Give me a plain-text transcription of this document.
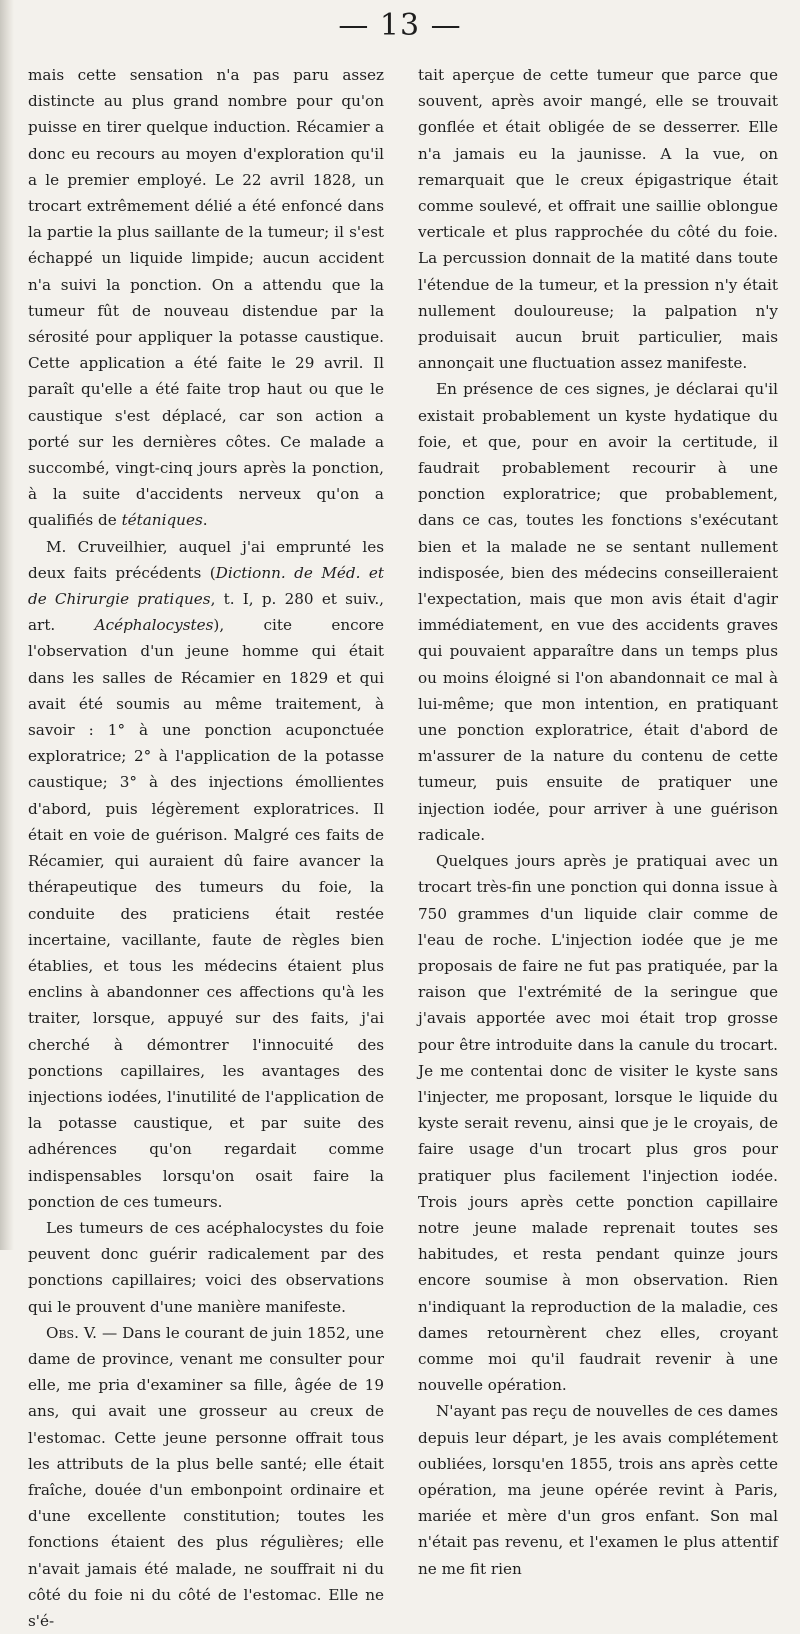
— 13 —

mais cette sensation n'a pas paru assez distincte au plus grand nombre pour qu'on puisse en tirer quelque induction. Récamier a donc eu recours au moyen d'exploration qu'il a le premier employé. Le 22 avril 1828, un trocart extrêmement délié a été enfoncé dans la partie la plus saillante de la tumeur; il s'est échappé un liquide limpide; aucun accident n'a suivi la ponction. On a attendu que la tumeur fût de nouveau distendue par la sérosité pour appliquer la potasse caustique. Cette application a été faite le 29 avril. Il paraît qu'elle a été faite trop haut ou que le caustique s'est déplacé, car son action a porté sur les dernières côtes. Ce malade a succombé, vingt-cinq jours après la ponction, à la suite d'accidents nerveux qu'on a qualifiés de tétaniques.

M. Cruveilhier, auquel j'ai emprunté les deux faits précédents (Dictionn. de Méd. et de Chirurgie pratiques, t. I, p. 280 et suiv., art. Acéphalocystes), cite encore l'observation d'un jeune homme qui était dans les salles de Récamier en 1829 et qui avait été soumis au même traitement, à savoir : 1° à une ponction acuponctuée exploratrice; 2° à l'application de la potasse caustique; 3° à des injections émollientes d'abord, puis légèrement exploratrices. Il était en voie de guérison. Malgré ces faits de Récamier, qui auraient dû faire avancer la thérapeutique des tumeurs du foie, la conduite des praticiens était restée incertaine, vacillante, faute de règles bien établies, et tous les médecins étaient plus enclins à abandonner ces affections qu'à les traiter, lorsque, appuyé sur des faits, j'ai cherché à démontrer l'innocuité des ponctions capillaires, les avantages des injections iodées, l'inutilité de l'application de la potasse caustique, et par suite des adhérences qu'on regardait comme indispensables lorsqu'on osait faire la ponction de ces tumeurs.

Les tumeurs de ces acéphalocystes du foie peuvent donc guérir radicalement par des ponctions capillaires; voici des observations qui le prouvent d'une manière manifeste.

Obs. V. — Dans le courant de juin 1852, une dame de province, venant me consulter pour elle, me pria d'examiner sa fille, âgée de 19 ans, qui avait une grosseur au creux de l'estomac. Cette jeune personne offrait tous les attributs de la plus belle santé; elle était fraîche, douée d'un embonpoint ordinaire et d'une excellente constitution; toutes les fonctions étaient des plus régulières; elle n'avait jamais été malade, ne souffrait ni du côté du foie ni du côté de l'estomac. Elle ne s'é-

tait aperçue de cette tumeur que parce que souvent, après avoir mangé, elle se trouvait gonflée et était obligée de se desserrer. Elle n'a jamais eu la jaunisse. A la vue, on remarquait que le creux épigastrique était comme soulevé, et offrait une saillie oblongue verticale et plus rapprochée du côté du foie. La percussion donnait de la matité dans toute l'étendue de la tumeur, et la pression n'y était nullement douloureuse; la palpation n'y produisait aucun bruit particulier, mais annonçait une fluctuation assez manifeste.

En présence de ces signes, je déclarai qu'il existait probablement un kyste hydatique du foie, et que, pour en avoir la certitude, il faudrait probablement recourir à une ponction exploratrice; que probablement, dans ce cas, toutes les fonctions s'exécutant bien et la malade ne se sentant nullement indisposée, bien des médecins conseilleraient l'expectation, mais que mon avis était d'agir immédiatement, en vue des accidents graves qui pouvaient apparaître dans un temps plus ou moins éloigné si l'on abandonnait ce mal à lui-même; que mon intention, en pratiquant une ponction exploratrice, était d'abord de m'assurer de la nature du contenu de cette tumeur, puis ensuite de pratiquer une injection iodée, pour arriver à une guérison radicale.

Quelques jours après je pratiquai avec un trocart très-fin une ponction qui donna issue à 750 grammes d'un liquide clair comme de l'eau de roche. L'injection iodée que je me proposais de faire ne fut pas pratiquée, par la raison que l'extrémité de la seringue que j'avais apportée avec moi était trop grosse pour être introduite dans la canule du trocart. Je me contentai donc de visiter le kyste sans l'injecter, me proposant, lorsque le liquide du kyste serait revenu, ainsi que je le croyais, de faire usage d'un trocart plus gros pour pratiquer plus facilement l'injection iodée. Trois jours après cette ponction capillaire notre jeune malade reprenait toutes ses habitudes, et resta pendant quinze jours encore soumise à mon observation. Rien n'indiquant la reproduction de la maladie, ces dames retournèrent chez elles, croyant comme moi qu'il faudrait revenir à une nouvelle opération.

N'ayant pas reçu de nouvelles de ces dames depuis leur départ, je les avais complétement oubliées, lorsqu'en 1855, trois ans après cette opération, ma jeune opérée revint à Paris, mariée et mère d'un gros enfant. Son mal n'était pas revenu, et l'examen le plus attentif ne me fit rien
